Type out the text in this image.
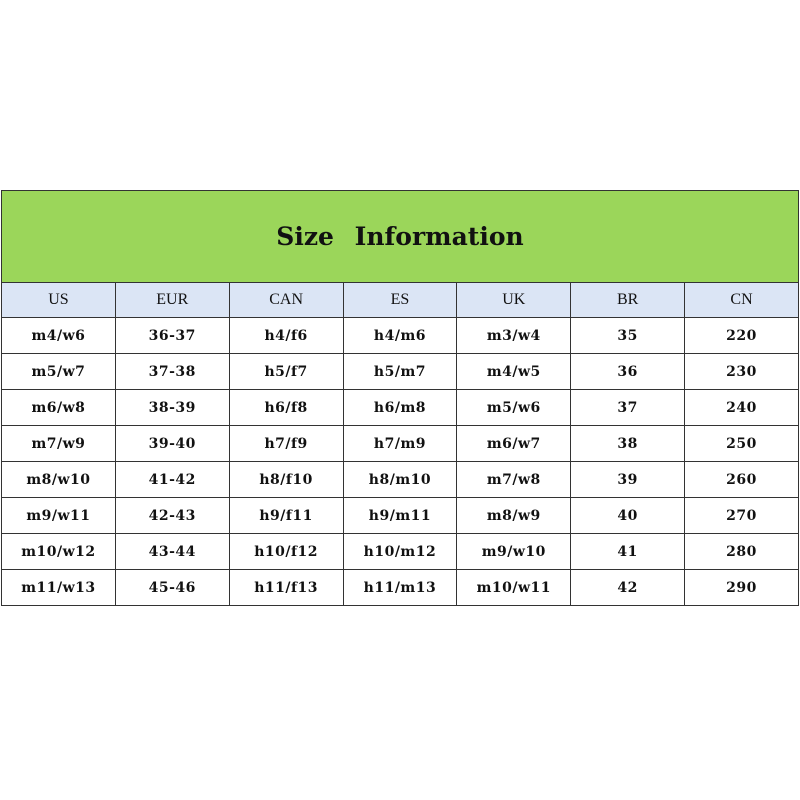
Size Information						
US	EUR	CAN	ES	UK	BR	CN
m4/w6	36-37	h4/f6	h4/m6	m3/w4	35	220
m5/w7	37-38	h5/f7	h5/m7	m4/w5	36	230
m6/w8	38-39	h6/f8	h6/m8	m5/w6	37	240
m7/w9	39-40	h7/f9	h7/m9	m6/w7	38	250
m8/w10	41-42	h8/f10	h8/m10	m7/w8	39	260
m9/w11	42-43	h9/f11	h9/m11	m8/w9	40	270
m10/w12	43-44	h10/f12	h10/m12	m9/w10	41	280
m11/w13	45-46	h11/f13	h11/m13	m10/w11	42	290
